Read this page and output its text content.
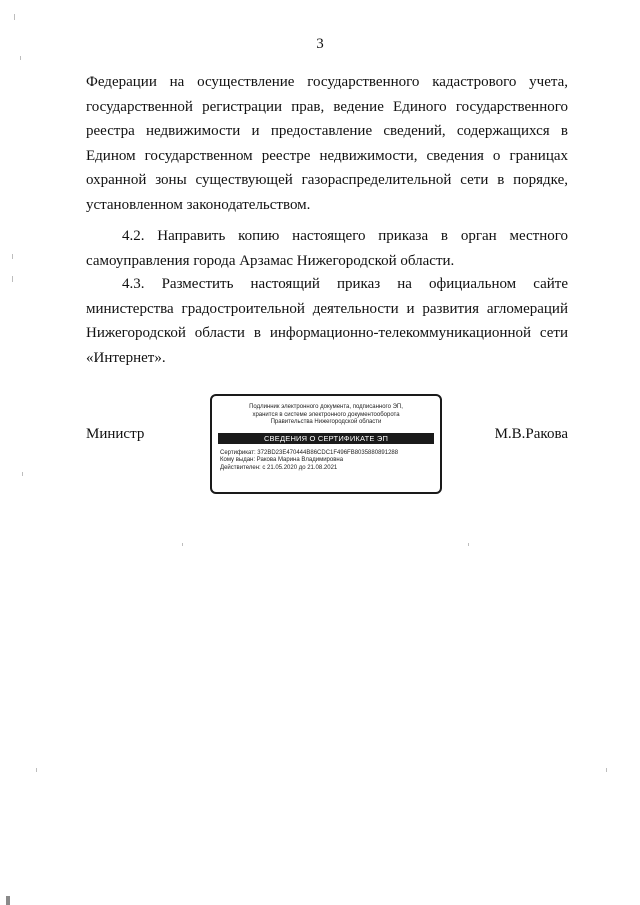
3

Федерации на осуществление государственного кадастрового учета, государственной регистрации прав, ведение Единого государственного реестра недвижимости и предоставление сведений, содержащихся в Едином государственном реестре недвижимости, сведения о границах охранной зоны существующей газораспределительной сети в порядке, установленном законодательством.

4.2. Направить копию настоящего приказа в орган местного самоуправления города Арзамас Нижегородской области.

4.3. Разместить настоящий приказ на официальном сайте министерства градостроительной деятельности и развития агломераций Нижегородской области в информационно-телекоммуникационной сети «Интернет».

Министр
Подлинник электронного документа, подписанного ЭП,
хранится в системе электронного документооборота
Правительства Нижегородской области
СВЕДЕНИЯ О СЕРТИФИКАТЕ ЭП
Сертификат: 372BD23E470444B86CDC1F496FB8035880891288
Кому выдан: Ракова Марина Владимировна
Действителен: с 21.05.2020 до 21.08.2021
М.В.Ракова
